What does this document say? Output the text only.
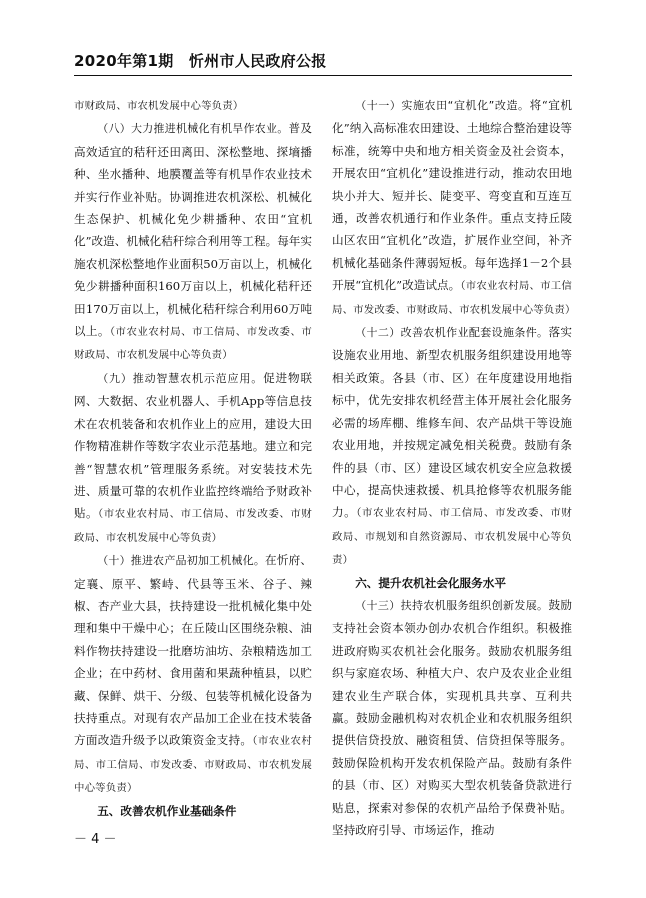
2020年第1期　忻州市人民政府公报

市财政局、市农机发展中心等负责）

（八）大力推进机械化有机旱作农业。普及高效适宜的秸秆还田离田、深松整地、探墒播种、坐水播种、地膜覆盖等有机旱作农业技术并实行作业补贴。协调推进农机深松、机械化生态保护、机械化免少耕播种、农田“宜机化”改造、机械化秸秆综合利用等工程。每年实施农机深松整地作业面积50万亩以上，机械化免少耕播种面积160万亩以上，机械化秸秆还田170万亩以上，机械化秸秆综合利用60万吨以上。（市农业农村局、市工信局、市发改委、市财政局、市农机发展中心等负责）

（九）推动智慧农机示范应用。促进物联网、大数据、农业机器人、手机App等信息技术在农机装备和农机作业上的应用，建设大田作物精准耕作等数字农业示范基地。建立和完善“智慧农机”管理服务系统。对安装技术先进、质量可靠的农机作业监控终端给予财政补贴。（市农业农村局、市工信局、市发改委、市财政局、市农机发展中心等负责）

（十）推进农产品初加工机械化。在忻府、定襄、原平、繁峙、代县等玉米、谷子、辣椒、杏产业大县，扶持建设一批机械化集中处理和集中干燥中心；在丘陵山区围绕杂粮、油料作物扶持建设一批磨坊油坊、杂粮精选加工企业；在中药材、食用菌和果蔬种植县，以贮藏、保鲜、烘干、分级、包装等机械化设备为扶持重点。对现有农产品加工企业在技术装备方面改造升级予以政策资金支持。（市农业农村局、市工信局、市发改委、市财政局、市农机发展中心等负责）

五、改善农机作业基础条件

（十一）实施农田“宜机化”改造。将“宜机化”纳入高标准农田建设、土地综合整治建设等标准，统筹中央和地方相关资金及社会资本，开展农田“宜机化”建设推进行动，推动农田地块小并大、短并长、陡变平、弯变直和互连互通，改善农机通行和作业条件。重点支持丘陵山区农田“宜机化”改造，扩展作业空间，补齐机械化基础条件薄弱短板。每年选择1－2个县开展“宜机化”改造试点。（市农业农村局、市工信局、市发改委、市财政局、市农机发展中心等负责）

（十二）改善农机作业配套设施条件。落实设施农业用地、新型农机服务组织建设用地等相关政策。各县（市、区）在年度建设用地指标中，优先安排农机经营主体开展社会化服务必需的场库棚、维修车间、农产品烘干等设施农业用地，并按规定减免相关税费。鼓励有条件的县（市、区）建设区域农机安全应急救援中心，提高快速救援、机具抢修等农机服务能力。（市农业农村局、市工信局、市发改委、市财政局、市规划和自然资源局、市农机发展中心等负责）

六、提升农机社会化服务水平

（十三）扶持农机服务组织创新发展。鼓励支持社会资本领办创办农机合作组织。积极推进政府购买农机社会化服务。鼓励农机服务组织与家庭农场、种植大户、农户及农业企业组建农业生产联合体，实现机具共享、互利共赢。鼓励金融机构对农机企业和农机服务组织提供信贷投放、融资租赁、信贷担保等服务。鼓励保险机构开发农机保险产品。鼓励有条件的县（市、区）对购买大型农机装备贷款进行贴息，探索对参保的农机产品给予保费补贴。坚持政府引导、市场运作，推动

－ 4 －
